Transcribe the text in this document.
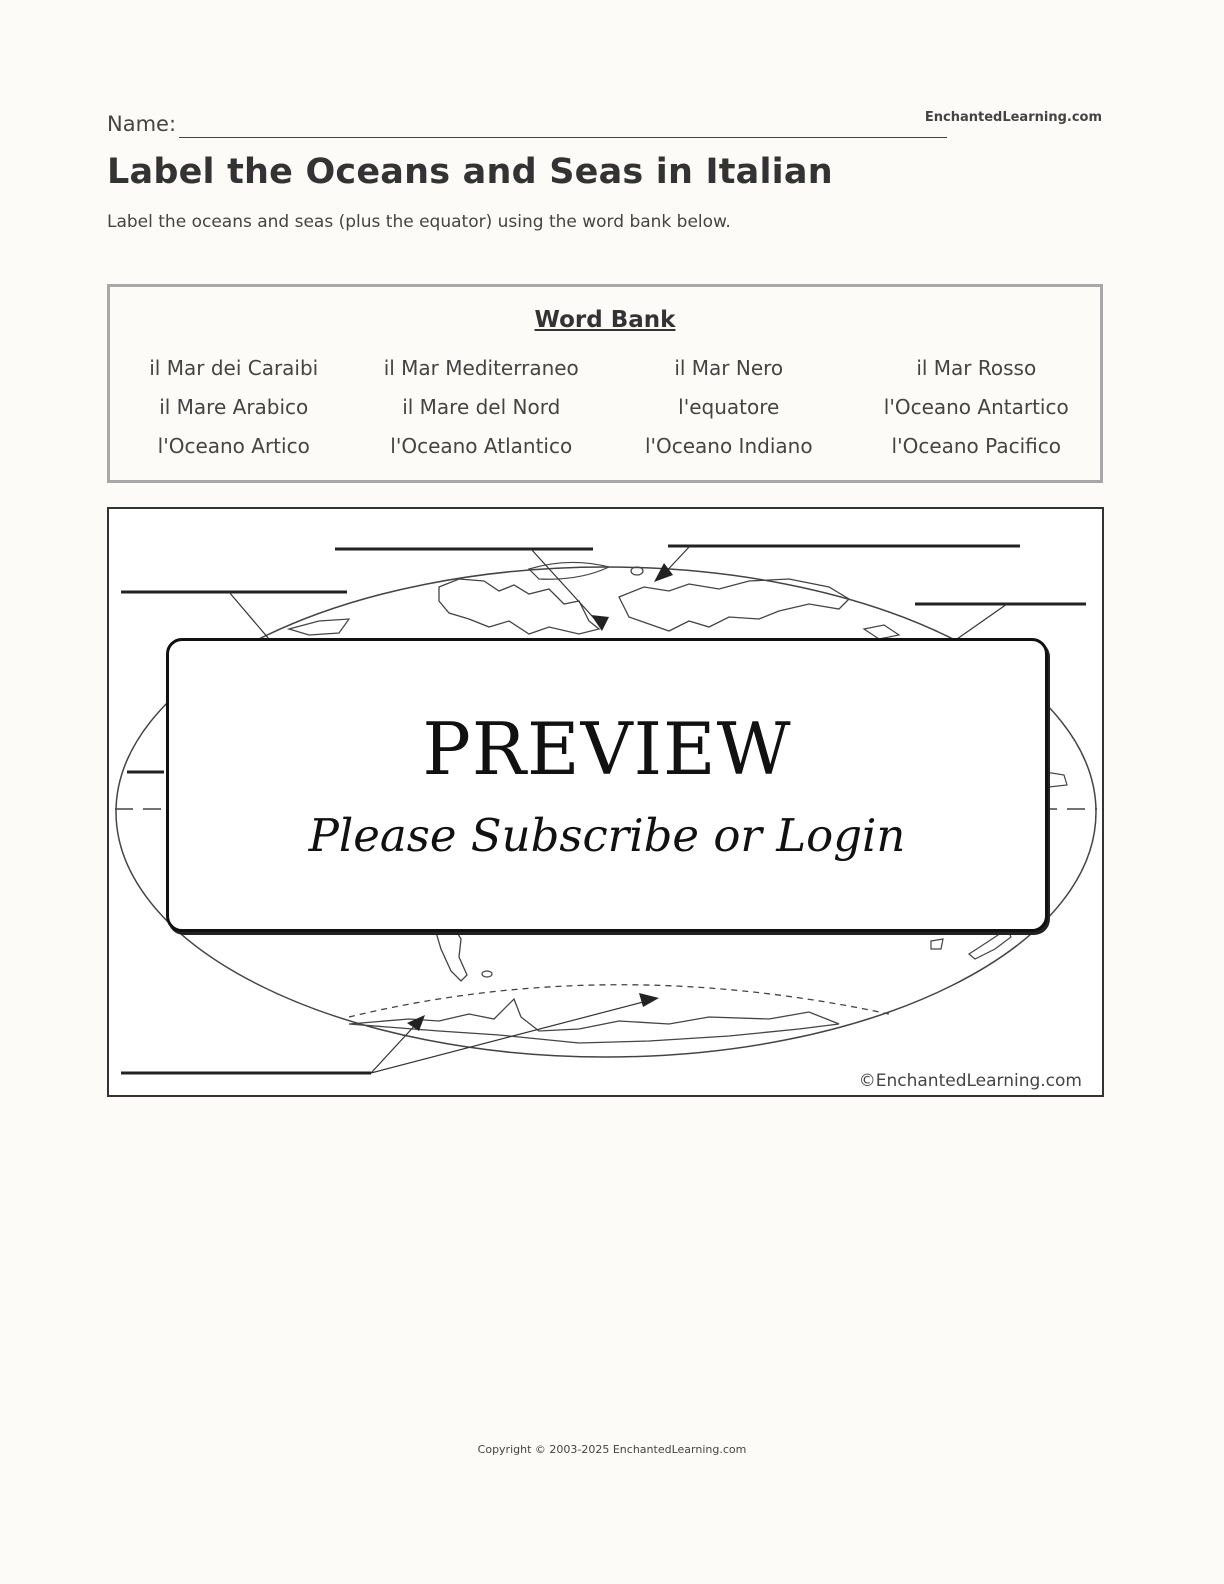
Name:	EnchantedLearning.com
Label the Oceans and Seas in Italian
Label the oceans and seas (plus the equator) using the word bank below.
Word Bank
il Mar dei Caraibi	il Mar Mediterraneo	il Mar Nero	il Mar Rosso
il Mare Arabico	il Mare del Nord	l'equatore	l'Oceano Antartico
l'Oceano Artico	l'Oceano Atlantico	l'Oceano Indiano	l'Oceano Pacifico
PREVIEW
Please Subscribe or Login
©EnchantedLearning.com
Copyright © 2003-2025 EnchantedLearning.com
